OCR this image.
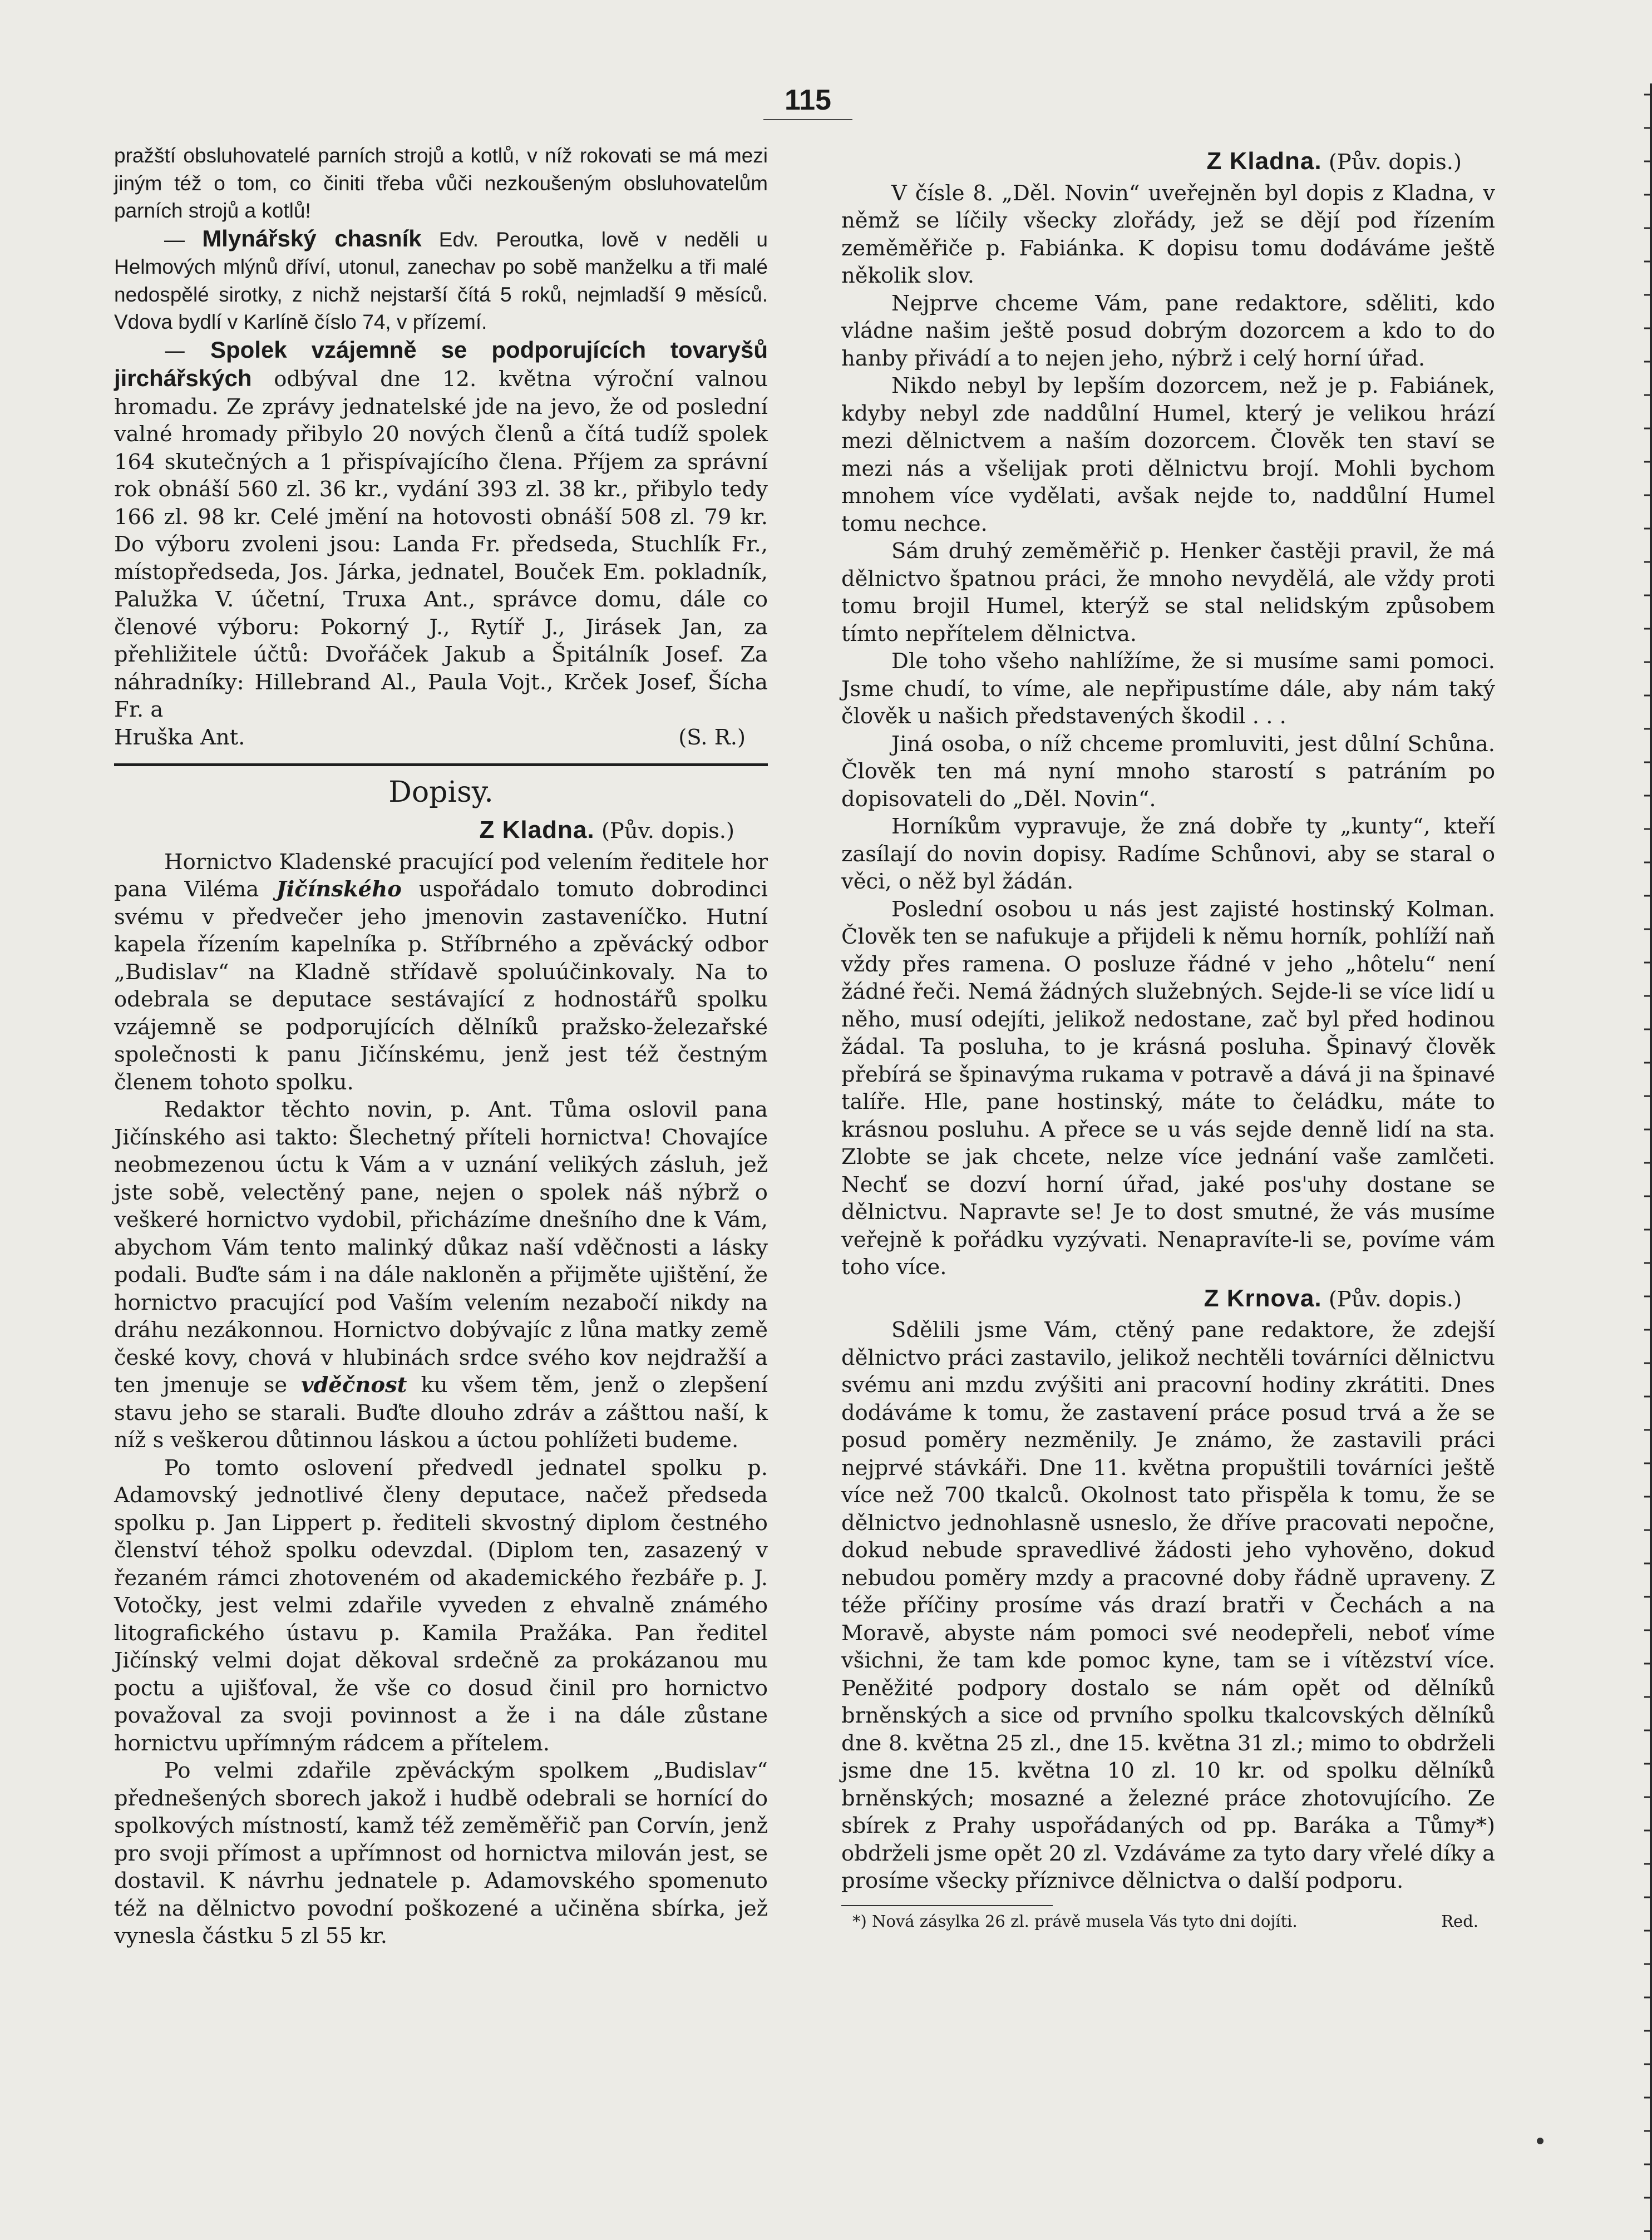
115

pražští obsluhovatelé parních strojů a kotlů, v níž rokovati se má mezi jiným též o tom, co činiti třeba vůči nezkoušeným obsluhovatelům parních strojů a kotlů!

— Mlynářský chasník Edv. Peroutka, lově v neděli u Helmových mlýnů dříví, utonul, zanechav po sobě manželku a tři malé nedospělé sirotky, z nichž nejstarší čítá 5 roků, nejmladší 9 měsíců. Vdova bydlí v Karlíně číslo 74, v přízemí.

— Spolek vzájemně se podporujících tovaryšů jirchářských odbýval dne 12. května výroční valnou hromadu. Ze zprávy jednatelské jde na jevo, že od poslední valné hromady přibylo 20 nových členů a čítá tudíž spolek 164 skutečných a 1 přispívajícího člena. Příjem za správní rok obnáší 560 zl. 36 kr., vydání 393 zl. 38 kr., přibylo tedy 166 zl. 98 kr. Celé jmění na hotovosti obnáší 508 zl. 79 kr. Do výboru zvoleni jsou: Landa Fr. předseda, Stuchlík Fr., místopředseda, Jos. Járka, jednatel, Bouček Em. pokladník, Palužka V. účetní, Truxa Ant., správce domu, dále co členové výboru: Pokorný J., Rytíř J., Jirásek Jan, za přehližitele účtů: Dvořáček Jakub a Špitálník Josef. Za náhradníky: Hillebrand Al., Paula Vojt., Krček Josef, Šícha Fr. a

Hruška Ant.	(S. R.)
Dopisy.
Z Kladna. (Pův. dopis.)

Hornictvo Kladenské pracující pod velením ředitele hor pana Viléma Jičínského uspořádalo tomuto dobrodinci svému v předvečer jeho jmenovin zastaveníčko. Hutní kapela řízením kapelníka p. Stříbrného a zpěvácký odbor „Budislav“ na Kladně střídavě spoluúčinkovaly. Na to odebrala se deputace sestávající z hodnostářů spolku vzájemně se podporujících dělníků pražsko-železařské společnosti k panu Jičínskému, jenž jest též čestným členem tohoto spolku.

Redaktor těchto novin, p. Ant. Tůma oslovil pana Jičínského asi takto: Šlechetný příteli hornictva! Chovajíce neobmezenou úctu k Vám a v uznání velikých zásluh, jež jste sobě, velectěný pane, nejen o spolek náš nýbrž o veškeré hornictvo vydobil, přicházíme dnešního dne k Vám, abychom Vám tento malinký důkaz naší vděčnosti a lásky podali. Buďte sám i na dále nakloněn a přijměte ujištění, že hornictvo pracující pod Vaším velením nezabočí nikdy na dráhu nezákonnou. Hornictvo dobývajíc z lůna matky země české kovy, chová v hlubinách srdce svého kov nejdražší a ten jmenuje se vděčnost ku všem těm, jenž o zlepšení stavu jeho se starali. Buďte dlouho zdráv a zášttou naší, k níž s veškerou důtinnou láskou a úctou pohlížeti budeme.

Po tomto oslovení předvedl jednatel spolku p. Adamovský jednotlivé členy deputace, načež předseda spolku p. Jan Lippert p. řediteli skvostný diplom čestného členství téhož spolku odevzdal. (Diplom ten, zasazený v řezaném rámci zhotoveném od akademického řezbáře p. J. Votočky, jest velmi zdařile vyveden z ehvalně známého litografického ústavu p. Kamila Pražáka. Pan ředitel Jičínský velmi dojat děkoval srdečně za prokázanou mu poctu a ujišťoval, že vše co dosud činil pro hornictvo považoval za svoji povinnost a že i na dále zůstane hornictvu upřímným rádcem a přítelem.

Po velmi zdařile zpěváckým spolkem „Budislav“ přednešených sborech jakož i hudbě odebrali se hornící do spolkových místností, kamž též zeměměřič pan Corvín, jenž pro svoji přímost a upřímnost od hornictva milován jest, se dostavil. K návrhu jednatele p. Adamovského spomenuto též na dělnictvo povodní poškozené a učiněna sbírka, jež vynesla částku 5 zl 55 kr.

Z Kladna. (Pův. dopis.)

V čísle 8. „Děl. Novin“ uveřejněn byl dopis z Kladna, v němž se líčily všecky zlořády, jež se dějí pod řízením zeměměřiče p. Fabiánka. K dopisu tomu dodáváme ještě několik slov.

Nejprve chceme Vám, pane redaktore, sděliti, kdo vládne našim ještě posud dobrým dozorcem a kdo to do hanby přivádí a to nejen jeho, nýbrž i celý horní úřad.

Nikdo nebyl by lepším dozorcem, než je p. Fabiánek, kdyby nebyl zde naddůlní Humel, který je velikou hrází mezi dělnictvem a naším dozorcem. Člověk ten staví se mezi nás a všelijak proti dělnictvu brojí. Mohli bychom mnohem více vydělati, avšak nejde to, naddůlní Humel tomu nechce.

Sám druhý zeměměřič p. Henker častěji pravil, že má dělnictvo špatnou práci, že mnoho nevydělá, ale vždy proti tomu brojil Humel, kterýž se stal nelidským způsobem tímto nepřítelem dělnictva.

Dle toho všeho nahlížíme, že si musíme sami pomoci. Jsme chudí, to víme, ale nepřipustíme dále, aby nám taký člověk u našich představených škodil . . .

Jiná osoba, o níž chceme promluviti, jest důlní Schůna. Člověk ten má nyní mnoho starostí s patráním po dopisovateli do „Děl. Novin“.

Horníkům vypravuje, že zná dobře ty „kunty“, kteří zasílají do novin dopisy. Radíme Schůnovi, aby se staral o věci, o něž byl žádán.

Poslední osobou u nás jest zajisté hostinský Kolman. Člověk ten se nafukuje a přijdeli k němu horník, pohlíží naň vždy přes ramena. O posluze řádné v jeho „hôtelu“ není žádné řeči. Nemá žádných služebných. Sejde-li se více lidí u něho, musí odejíti, jelikož nedostane, zač byl před hodinou žádal. Ta posluha, to je krásná posluha. Špinavý člověk přebírá se špinavýma rukama v potravě a dává ji na špinavé talíře. Hle, pane hostinský, máte to čeládku, máte to krásnou posluhu. A přece se u vás sejde denně lidí na sta. Zlobte se jak chcete, nelze více jednání vaše zamlčeti. Nechť se dozví horní úřad, jaké pos'uhy dostane se dělnictvu. Napravte se! Je to dost smutné, že vás musíme veřejně k pořádku vyzývati. Nenapravíte-li se, povíme vám toho více.

Z Krnova. (Pův. dopis.)

Sdělili jsme Vám, ctěný pane redaktore, že zdejší dělnictvo práci zastavilo, jelikož nechtěli továrníci dělnictvu svému ani mzdu zvýšiti ani pracovní hodiny zkrátiti. Dnes dodáváme k tomu, že zastavení práce posud trvá a že se posud poměry nezměnily. Je známo, že zastavili práci nejprvé stávkáři. Dne 11. května propuštili továrníci ještě více než 700 tkalců. Okolnost tato přispěla k tomu, že se dělnictvo jednohlasně usneslo, že dříve pracovati nepočne, dokud nebude spravedlivé žádosti jeho vyhověno, dokud nebudou poměry mzdy a pracovné doby řádně upraveny. Z téže příčiny prosíme vás drazí bratři v Čechách a na Moravě, abyste nám pomoci své neodepřeli, neboť víme všichni, že tam kde pomoc kyne, tam se i vítězství více. Peněžité podpory dostalo se nám opět od dělníků brněnských a sice od prvního spolku tkalcovských dělníků dne 8. května 25 zl., dne 15. května 31 zl.; mimo to obdrželi jsme dne 15. května 10 zl. 10 kr. od spolku dělníků brněnských; mosazné a železné práce zhotovujícího. Ze sbírek z Prahy uspořádaných od pp. Baráka a Tůmy*) obdrželi jsme opět 20 zl. Vzdáváme za tyto dary vřelé díky a prosíme všecky příznivce dělnictva o další podporu.

*) Nová zásylka 26 zl. právě musela Vás tyto dni dojíti.	Red.
